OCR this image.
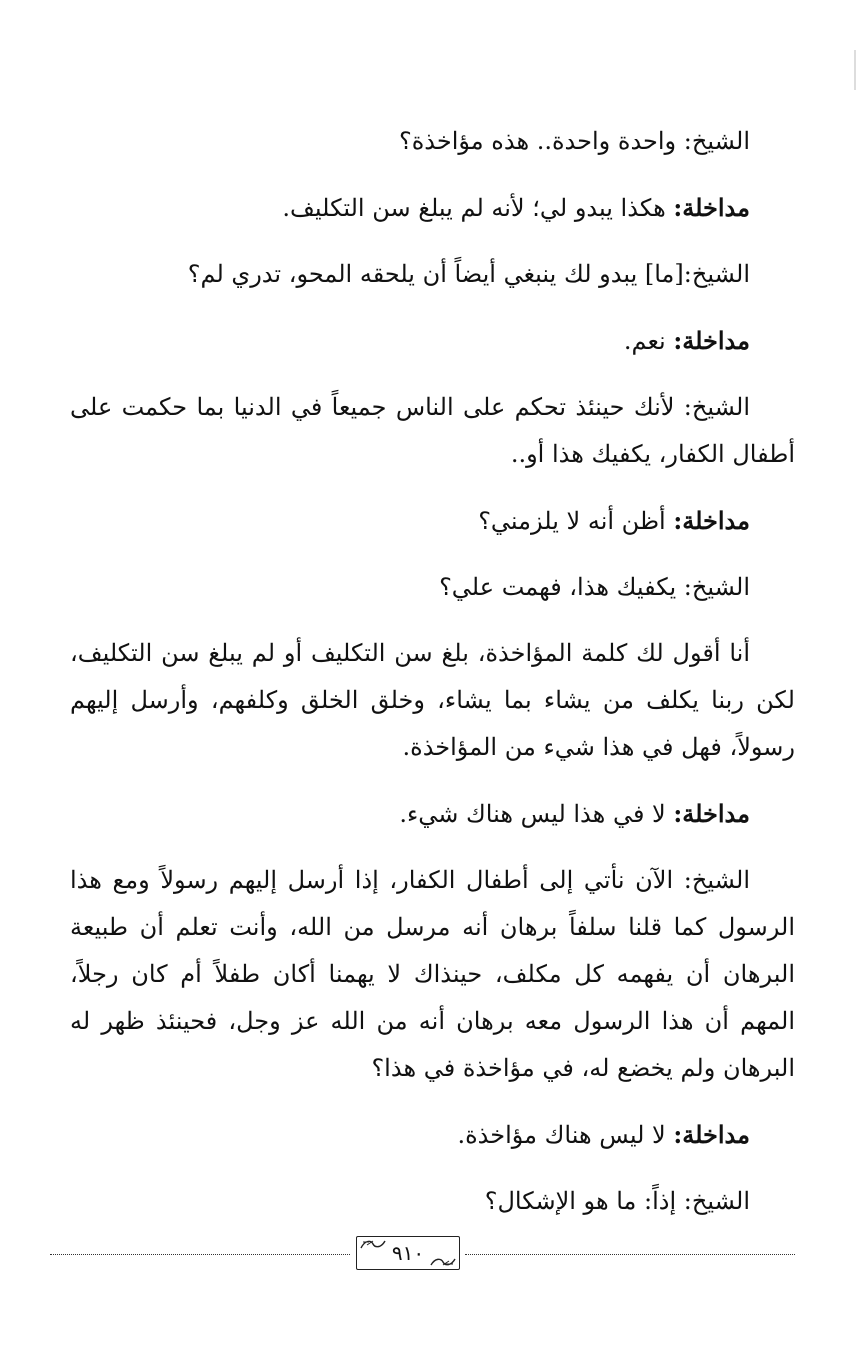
الشيخ: واحدة واحدة.. هذه مؤاخذة؟

مداخلة: هكذا يبدو لي؛ لأنه لم يبلغ سن التكليف.

الشيخ:[ما] يبدو لك ينبغي أيضاً أن يلحقه المحو، تدري لم؟

مداخلة: نعم.

الشيخ: لأنك حينئذ تحكم على الناس جميعاً في الدنيا بما حكمت على أطفال الكفار، يكفيك هذا أو..

مداخلة: أظن أنه لا يلزمني؟

الشيخ: يكفيك هذا، فهمت علي؟

أنا أقول لك كلمة المؤاخذة، بلغ سن التكليف أو لم يبلغ سن التكليف، لكن ربنا يكلف من يشاء بما يشاء، وخلق الخلق وكلفهم، وأرسل إليهم رسولاً، فهل في هذا شيء من المؤاخذة.

مداخلة: لا في هذا ليس هناك شيء.

الشيخ: الآن نأتي إلى أطفال الكفار، إذا أرسل إليهم رسولاً ومع هذا الرسول كما قلنا سلفاً برهان أنه مرسل من الله، وأنت تعلم أن طبيعة البرهان أن يفهمه كل مكلف، حينذاك لا يهمنا أكان طفلاً أم كان رجلاً، المهم أن هذا الرسول معه برهان أنه من الله عز وجل، فحينئذ ظهر له البرهان ولم يخضع له، في مؤاخذة في هذا؟

مداخلة: لا ليس هناك مؤاخذة.

الشيخ: إذاً: ما هو الإشكال؟

٩١٠
